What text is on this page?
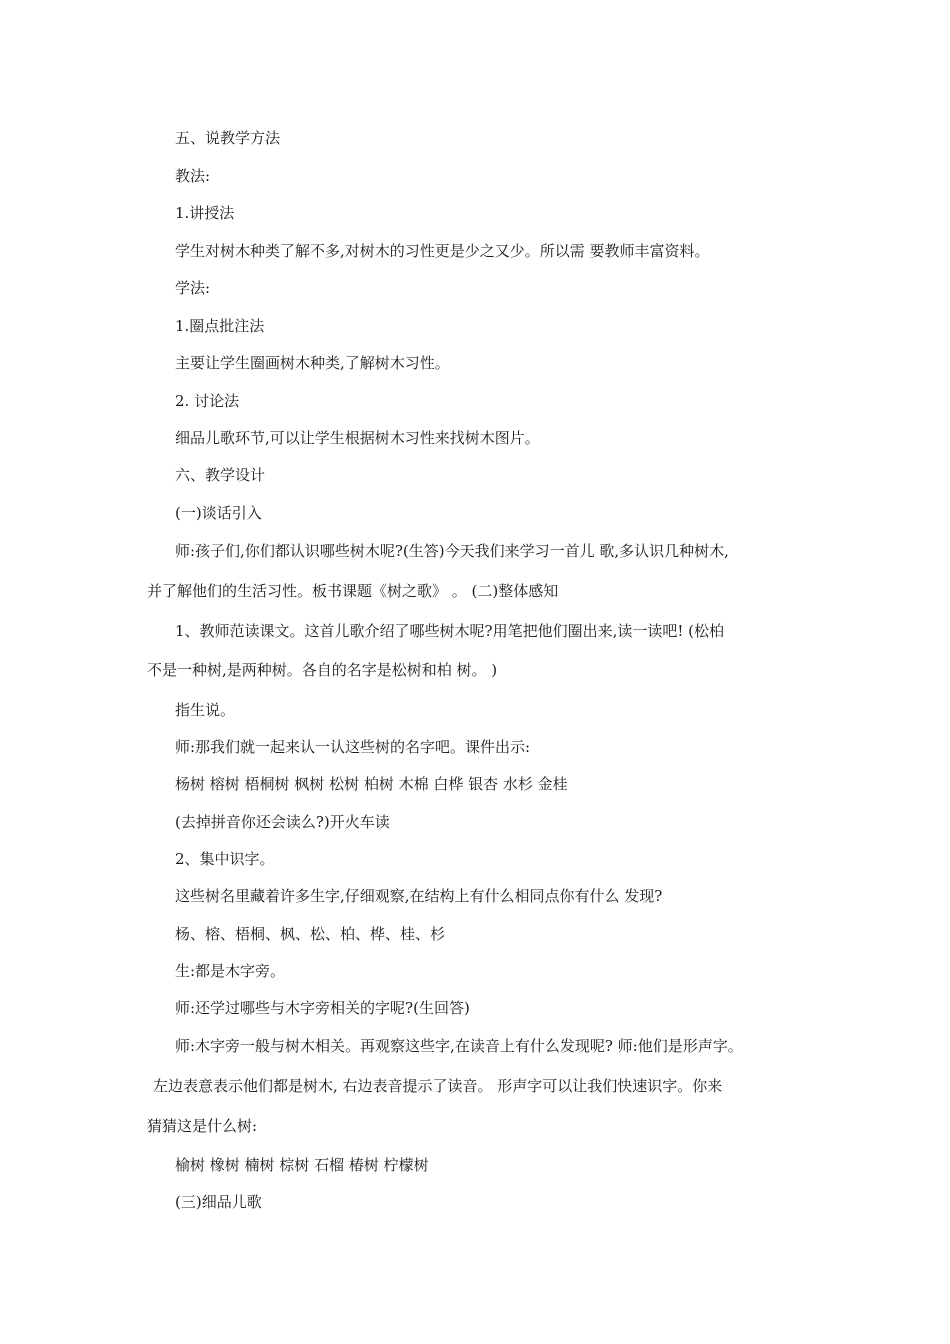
五、说教学方法
教法:
1.讲授法
学生对树木种类了解不多,对树木的习性更是少之又少。所以需 要教师丰富资料。
学法:
1.圈点批注法
主要让学生圈画树木种类,了解树木习性。
2. 讨论法
细品儿歌环节,可以让学生根据树木习性来找树木图片。
六、教学设计
(一)谈话引入
师:孩子们,你们都认识哪些树木呢?(生答)今天我们来学习一首儿 歌,多认识几种树木,
并了解他们的生活习性。板书课题《树之歌》 。 (二)整体感知
1、教师范读课文。这首儿歌介绍了哪些树木呢?用笔把他们圈出来,读一读吧! (松柏
不是一种树,是两种树。各自的名字是松树和柏 树。 )
指生说。
师:那我们就一起来认一认这些树的名字吧。课件出示:
杨树 榕树 梧桐树 枫树 松树 柏树 木棉 白桦 银杏 水杉 金桂
(去掉拼音你还会读么?)开火车读
2、集中识字。
这些树名里藏着许多生字,仔细观察,在结构上有什么相同点你有什么 发现?
杨、榕、梧桐、枫、松、柏、桦、桂、杉
生:都是木字旁。
师:还学过哪些与木字旁相关的字呢?(生回答)
师:木字旁一般与树木相关。再观察这些字,在读音上有什么发现呢? 师:他们是形声字。
左边表意表示他们都是树木, 右边表音提示了读音。 形声字可以让我们快速识字。你来
猜猜这是什么树:
榆树 橡树 楠树 棕树 石榴 椿树 柠檬树
(三)细品儿歌
